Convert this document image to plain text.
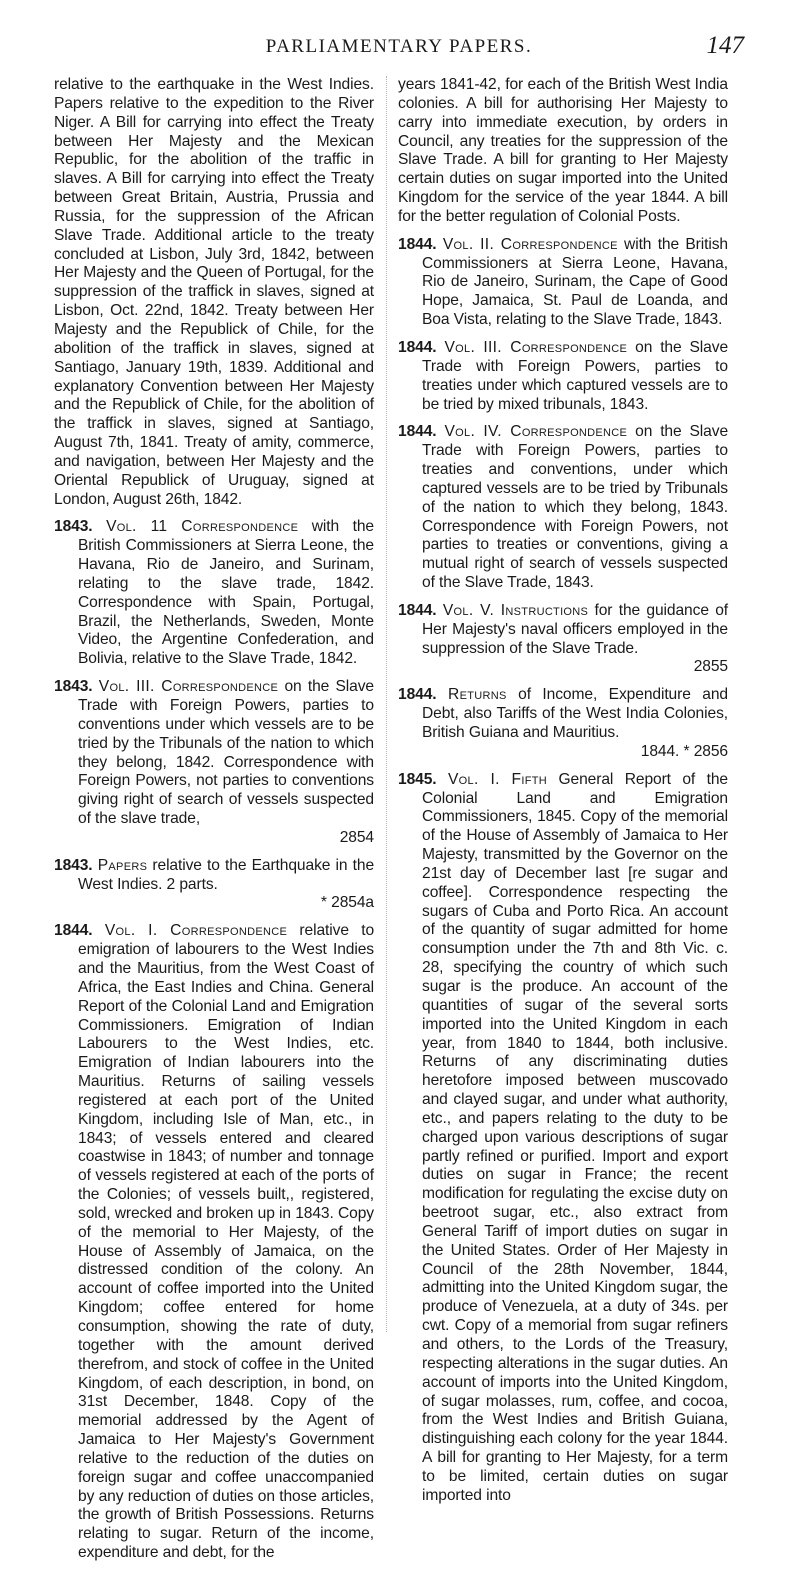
PARLIAMENTARY PAPERS.	147

relative to the earthquake in the West Indies. Papers relative to the expedition to the River Niger. A Bill for carrying into effect the Treaty between Her Majesty and the Mexican Republic, for the abolition of the traffic in slaves. A Bill for carrying into effect the Treaty between Great Britain, Austria, Prussia and Russia, for the suppression of the African Slave Trade. Additional article to the treaty concluded at Lisbon, July 3rd, 1842, between Her Majesty and the Queen of Portugal, for the suppression of the traffick in slaves, signed at Lisbon, Oct. 22nd, 1842. Treaty between Her Majesty and the Republick of Chile, for the abolition of the traffick in slaves, signed at Santiago, January 19th, 1839. Additional and explanatory Convention between Her Majesty and the Republick of Chile, for the abolition of the traffick in slaves, signed at Santiago, August 7th, 1841. Treaty of amity, commerce, and navigation, between Her Majesty and the Oriental Republick of Uruguay, signed at London, August 26th, 1842.

1843. Vol. 11 Correspondence with the British Commissioners at Sierra Leone, the Havana, Rio de Janeiro, and Surinam, relating to the slave trade, 1842. Correspondence with Spain, Portugal, Brazil, the Netherlands, Sweden, Monte Video, the Argentine Confederation, and Bolivia, relative to the Slave Trade, 1842.

1843. Vol. III. Correspondence on the Slave Trade with Foreign Powers, parties to conventions under which vessels are to be tried by the Tribunals of the nation to which they belong, 1842. Correspondence with Foreign Powers, not parties to conventions giving right of search of vessels suspected of the slave trade,
2854

1843. Papers relative to the Earthquake in the West Indies. 2 parts.
* 2854a

1844. Vol. I. Correspondence relative to emigration of labourers to the West Indies and the Mauritius, from the West Coast of Africa, the East Indies and China. General Report of the Colonial Land and Emigration Commissioners. Emigration of Indian Labourers to the West Indies, etc. Emigration of Indian labourers into the Mauritius. Returns of sailing vessels registered at each port of the United Kingdom, including Isle of Man, etc., in 1843; of vessels entered and cleared coastwise in 1843; of number and tonnage of vessels registered at each of the ports of the Colonies; of vessels built,, registered, sold, wrecked and broken up in 1843. Copy of the memorial to Her Majesty, of the House of Assembly of Jamaica, on the distressed condition of the colony. An account of coffee imported into the United Kingdom; coffee entered for home consumption, showing the rate of duty, together with the amount derived therefrom, and stock of coffee in the United Kingdom, of each description, in bond, on 31st December, 1848. Copy of the memorial addressed by the Agent of Jamaica to Her Majesty's Government relative to the reduction of the duties on foreign sugar and coffee unaccompanied by any reduction of duties on those articles, the growth of British Possessions. Returns relating to sugar. Return of the income, expenditure and debt, for the

years 1841-42, for each of the British West India colonies. A bill for authorising Her Majesty to carry into immediate execution, by orders in Council, any treaties for the suppression of the Slave Trade. A bill for granting to Her Majesty certain duties on sugar imported into the United Kingdom for the service of the year 1844. A bill for the better regulation of Colonial Posts.

1844. Vol. II. Correspondence with the British Commissioners at Sierra Leone, Havana, Rio de Janeiro, Surinam, the Cape of Good Hope, Jamaica, St. Paul de Loanda, and Boa Vista, relating to the Slave Trade, 1843.

1844. Vol. III. Correspondence on the Slave Trade with Foreign Powers, parties to treaties under which captured vessels are to be tried by mixed tribunals, 1843.

1844. Vol. IV. Correspondence on the Slave Trade with Foreign Powers, parties to treaties and conventions, under which captured vessels are to be tried by Tribunals of the nation to which they belong, 1843. Correspondence with Foreign Powers, not parties to treaties or conventions, giving a mutual right of search of vessels suspected of the Slave Trade, 1843.

1844. Vol. V. Instructions for the guidance of Her Majesty's naval officers employed in the suppression of the Slave Trade.
2855

1844. Returns of Income, Expenditure and Debt, also Tariffs of the West India Colonies, British Guiana and Mauritius.
1844. * 2856

1845. Vol. I. Fifth General Report of the Colonial Land and Emigration Commissioners, 1845. Copy of the memorial of the House of Assembly of Jamaica to Her Majesty, transmitted by the Governor on the 21st day of December last [re sugar and coffee]. Correspondence respecting the sugars of Cuba and Porto Rica. An account of the quantity of sugar admitted for home consumption under the 7th and 8th Vic. c. 28, specifying the country of which such sugar is the produce. An account of the quantities of sugar of the several sorts imported into the United Kingdom in each year, from 1840 to 1844, both inclusive. Returns of any discriminating duties heretofore imposed between muscovado and clayed sugar, and under what authority, etc., and papers relating to the duty to be charged upon various descriptions of sugar partly refined or purified. Import and export duties on sugar in France; the recent modification for regulating the excise duty on beetroot sugar, etc., also extract from General Tariff of import duties on sugar in the United States. Order of Her Majesty in Council of the 28th November, 1844, admitting into the United Kingdom sugar, the produce of Venezuela, at a duty of 34s. per cwt. Copy of a memorial from sugar refiners and others, to the Lords of the Treasury, respecting alterations in the sugar duties. An account of imports into the United Kingdom, of sugar molasses, rum, coffee, and cocoa, from the West Indies and British Guiana, distinguishing each colony for the year 1844. A bill for granting to Her Majesty, for a term to be limited, certain duties on sugar imported into
